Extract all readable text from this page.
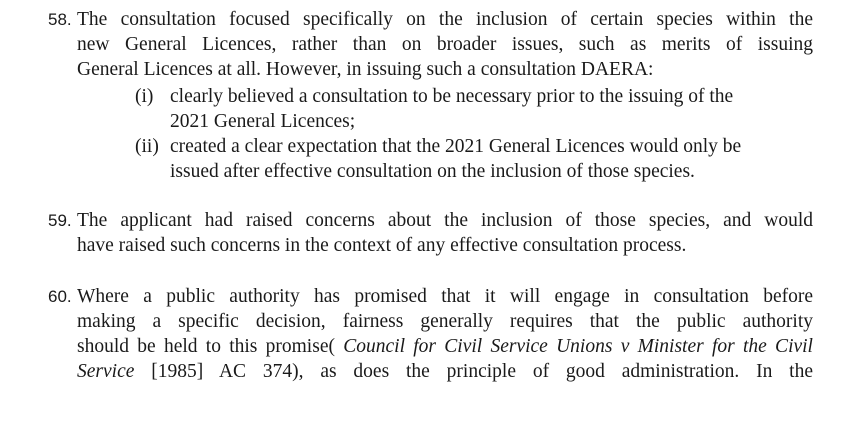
58. The consultation focused specifically on the inclusion of certain species within the
new General Licences, rather than on broader issues, such as merits of issuing
General Licences at all. However, in issuing such a consultation DAERA:
(i) clearly believed a consultation to be necessary prior to the issuing of the
2021 General Licences;
(ii) created a clear expectation that the 2021 General Licences would only be
issued after effective consultation on the inclusion of those species.
59. The applicant had raised concerns about the inclusion of those species, and would
have raised such concerns in the context of any effective consultation process.
60. Where a public authority has promised that it will engage in consultation before
making a specific decision, fairness generally requires that the public authority
should be held to this promise( Council for Civil Service Unions v Minister for the Civil
Service [1985] AC 374), as does the principle of good administration. In the
